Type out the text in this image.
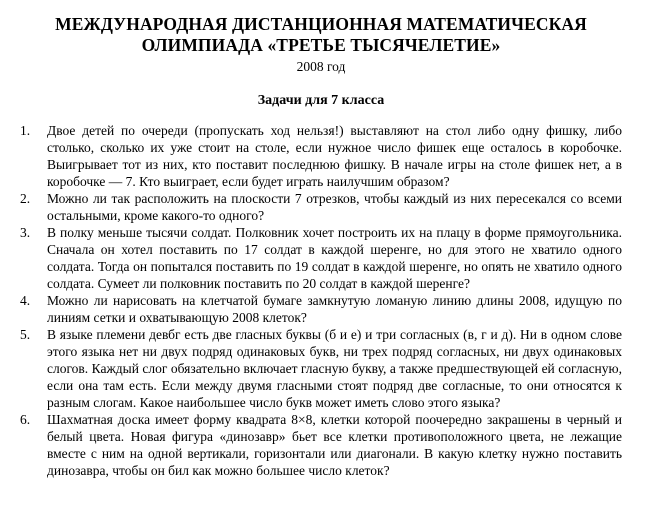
МЕЖДУНАРОДНАЯ ДИСТАНЦИОННАЯ МАТЕМАТИЧЕСКАЯ
ОЛИМПИАДА «ТРЕТЬЕ ТЫСЯЧЕЛЕТИЕ»
2008 год
Задачи для 7 класса
1.	Двое детей по очереди (пропускать ход нельзя!) выставляют на стол либо одну фишку, либо столько, сколько их уже стоит на столе, если нужное число фишек еще осталось в коробочке. Выигрывает тот из них, кто поставит последнюю фишку. В начале игры на столе фишек нет, а в коробочке — 7. Кто выиграет, если будет играть наилучшим образом?
2.	Можно ли так расположить на плоскости 7 отрезков, чтобы каждый из них пересекался со всеми остальными, кроме какого-то одного?
3.	В полку меньше тысячи солдат. Полковник хочет построить их на плацу в форме прямоугольника. Сначала он хотел поставить по 17 солдат в каждой шеренге, но для этого не хватило одного солдата. Тогда он попытался поставить по 19 солдат в каждой шеренге, но опять не хватило одного солдата. Сумеет ли полковник поставить по 20 солдат в каждой шеренге?
4.	Можно ли нарисовать на клетчатой бумаге замкнутую ломаную линию длины 2008, идущую по линиям сетки и охватывающую 2008 клеток?
5.	В языке племени девбг есть две гласных буквы (б и е) и три согласных (в, г и д). Ни в одном слове этого языка нет ни двух подряд одинаковых букв, ни трех подряд согласных, ни двух одинаковых слогов. Каждый слог обязательно включает гласную букву, а также предшествующей ей согласную, если она там есть. Если между двумя гласными стоят подряд две согласные, то они относятся к разным слогам. Какое наибольшее число букв может иметь слово этого языка?
6.	Шахматная доска имеет форму квадрата 8×8, клетки которой поочередно закрашены в черный и белый цвета. Новая фигура «динозавр» бьет все клетки противоположного цвета, не лежащие вместе с ним на одной вертикали, горизонтали или диагонали. В какую клетку нужно поставить динозавра, чтобы он бил как можно большее число клеток?
